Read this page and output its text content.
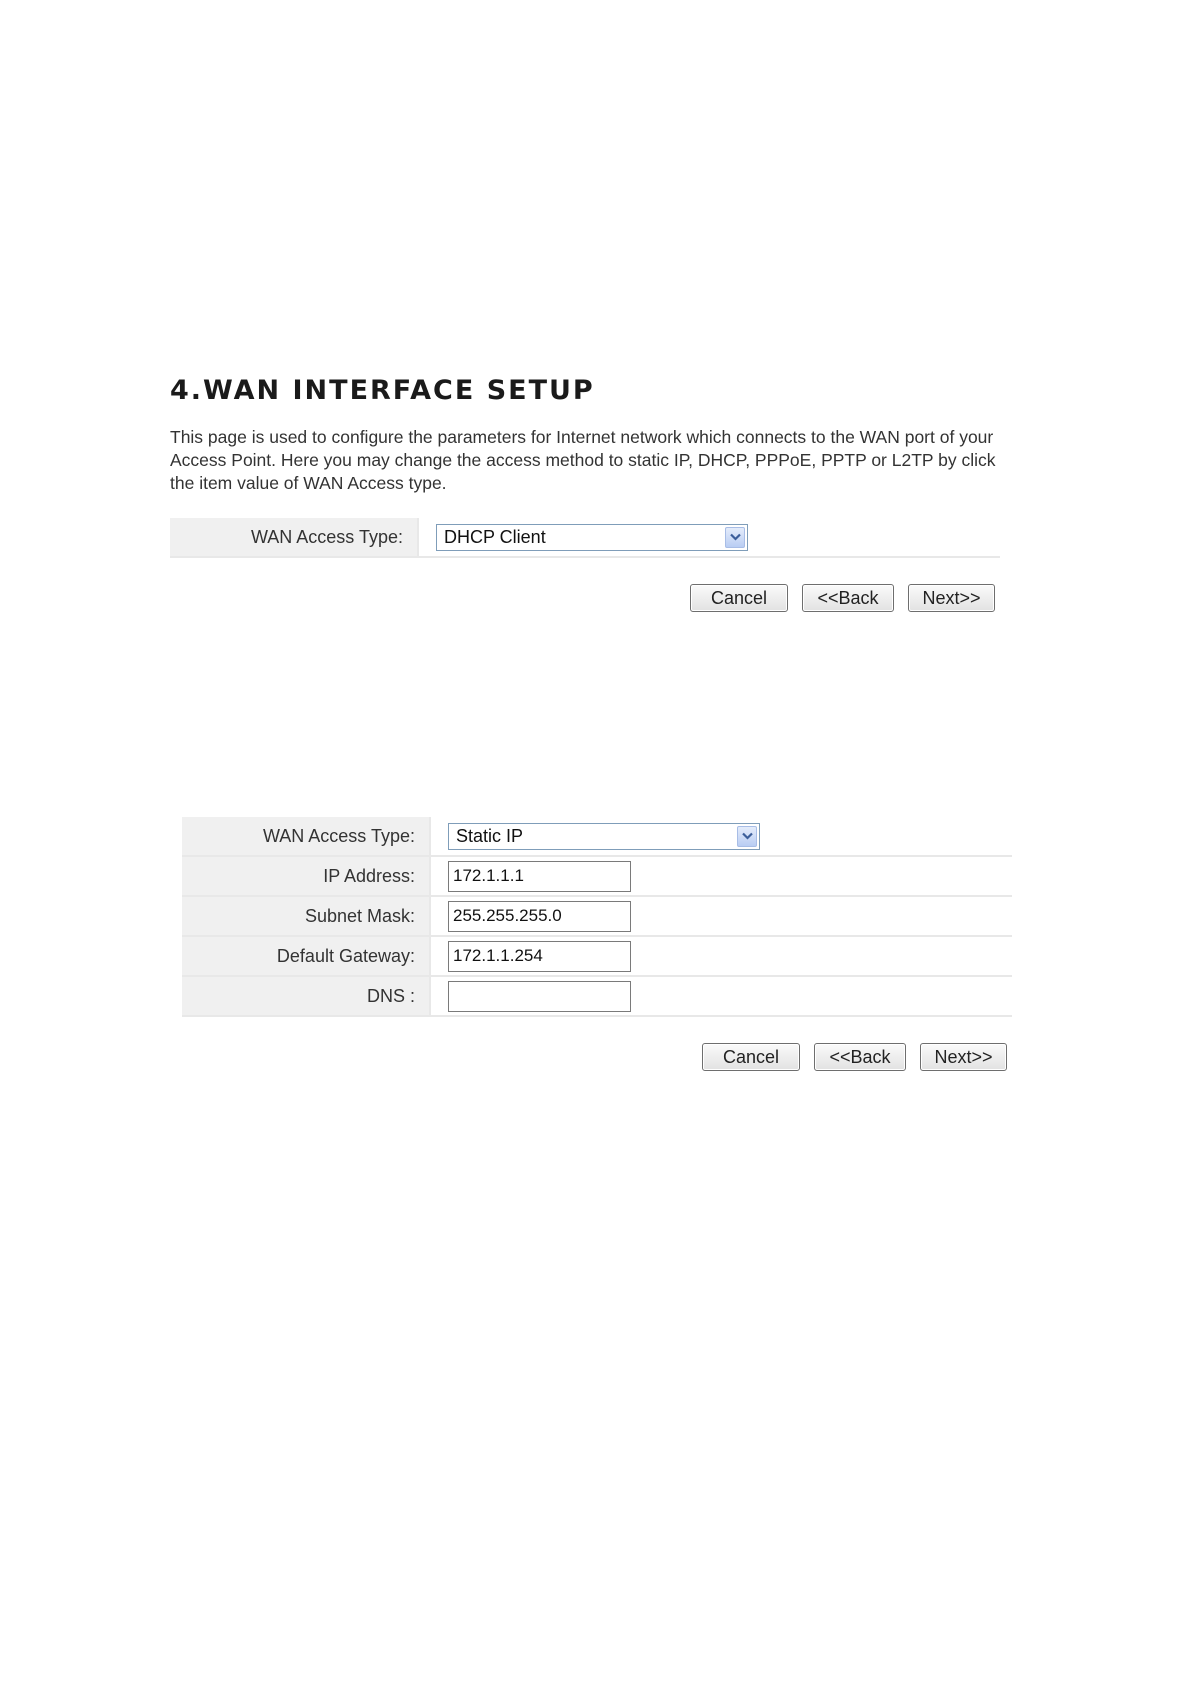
4.WAN INTERFACE SETUP

This page is used to configure the parameters for Internet network which connects to the WAN port of your Access Point. Here you may change the access method to static IP, DHCP, PPPoE, PPTP or L2TP by click the item value of WAN Access type.

WAN Access Type:	DHCP Client
Cancel	<<Back	Next>>
WAN Access Type:	Static IP

IP Address:	172.1.1.1
Subnet Mask:	255.255.255.0
Default Gateway:	172.1.1.254
DNS :	
Cancel	<<Back	Next>>
